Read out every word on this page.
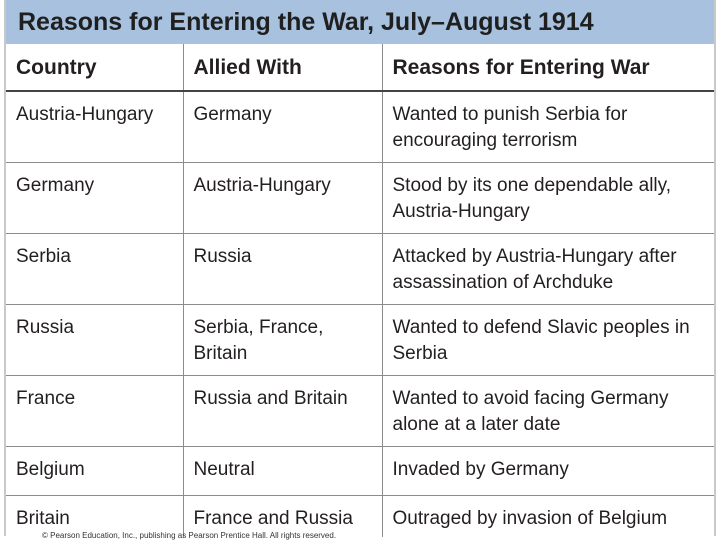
Reasons for Entering the War, July–August 1914
Country	Allied With	Reasons for Entering War
Austria-Hungary	Germany	Wanted to punish Serbia for encouraging terrorism
Germany	Austria-Hungary	Stood by its one dependable ally, Austria-Hungary
Serbia	Russia	Attacked by Austria-Hungary after assassination of Archduke
Russia	Serbia, France, Britain	Wanted to defend Slavic peoples in Serbia
France	Russia and Britain	Wanted to avoid facing Germany alone at a later date
Belgium	Neutral	Invaded by Germany
Britain	France and Russia	Outraged by invasion of Belgium
© Pearson Education, Inc., publishing as Pearson Prentice Hall. All rights reserved.
